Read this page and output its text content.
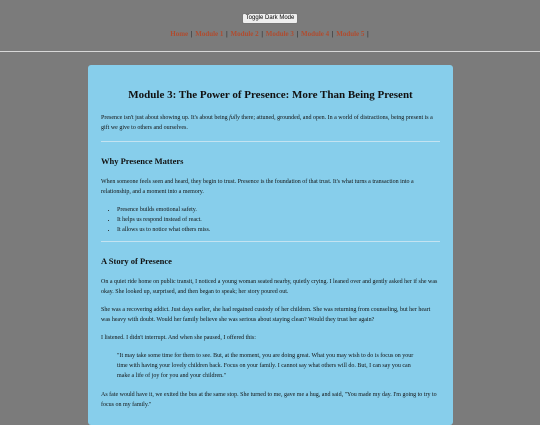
Toggle Dark Mode
Home | Module 1 | Module 2 | Module 3 | Module 4 | Module 5 |
Module 3: The Power of Presence: More Than Being Present

Presence isn't just about showing up. It's about being fully there; attuned, grounded, and open. In a world of distractions, being present is a gift we give to others and ourselves.

Why Presence Matters

When someone feels seen and heard, they begin to trust. Presence is the foundation of that trust. It's what turns a transaction into a relationship, and a moment into a memory.

• Presence builds emotional safety.
• It helps us respond instead of react.
• It allows us to notice what others miss.
A Story of Presence

On a quiet ride home on public transit, I noticed a young woman seated nearby, quietly crying. I leaned over and gently asked her if she was okay. She looked up, surprised, and then began to speak; her story poured out.

She was a recovering addict. Just days earlier, she had regained custody of her children. She was returning from counseling, but her heart was heavy with doubt. Would her family believe she was serious about staying clean? Would they trust her again?

I listened. I didn't interrupt. And when she paused, I offered this:

"It may take some time for them to see. But, at the moment, you are doing great. What you may wish to do is focus on your time with having your lovely children back. Focus on your family. I cannot say what others will do. But, I can say you can make a life of joy for you and your children."

As fate would have it, we exited the bus at the same stop. She turned to me, gave me a hug, and said, "You made my day. I'm going to try to focus on my family."
